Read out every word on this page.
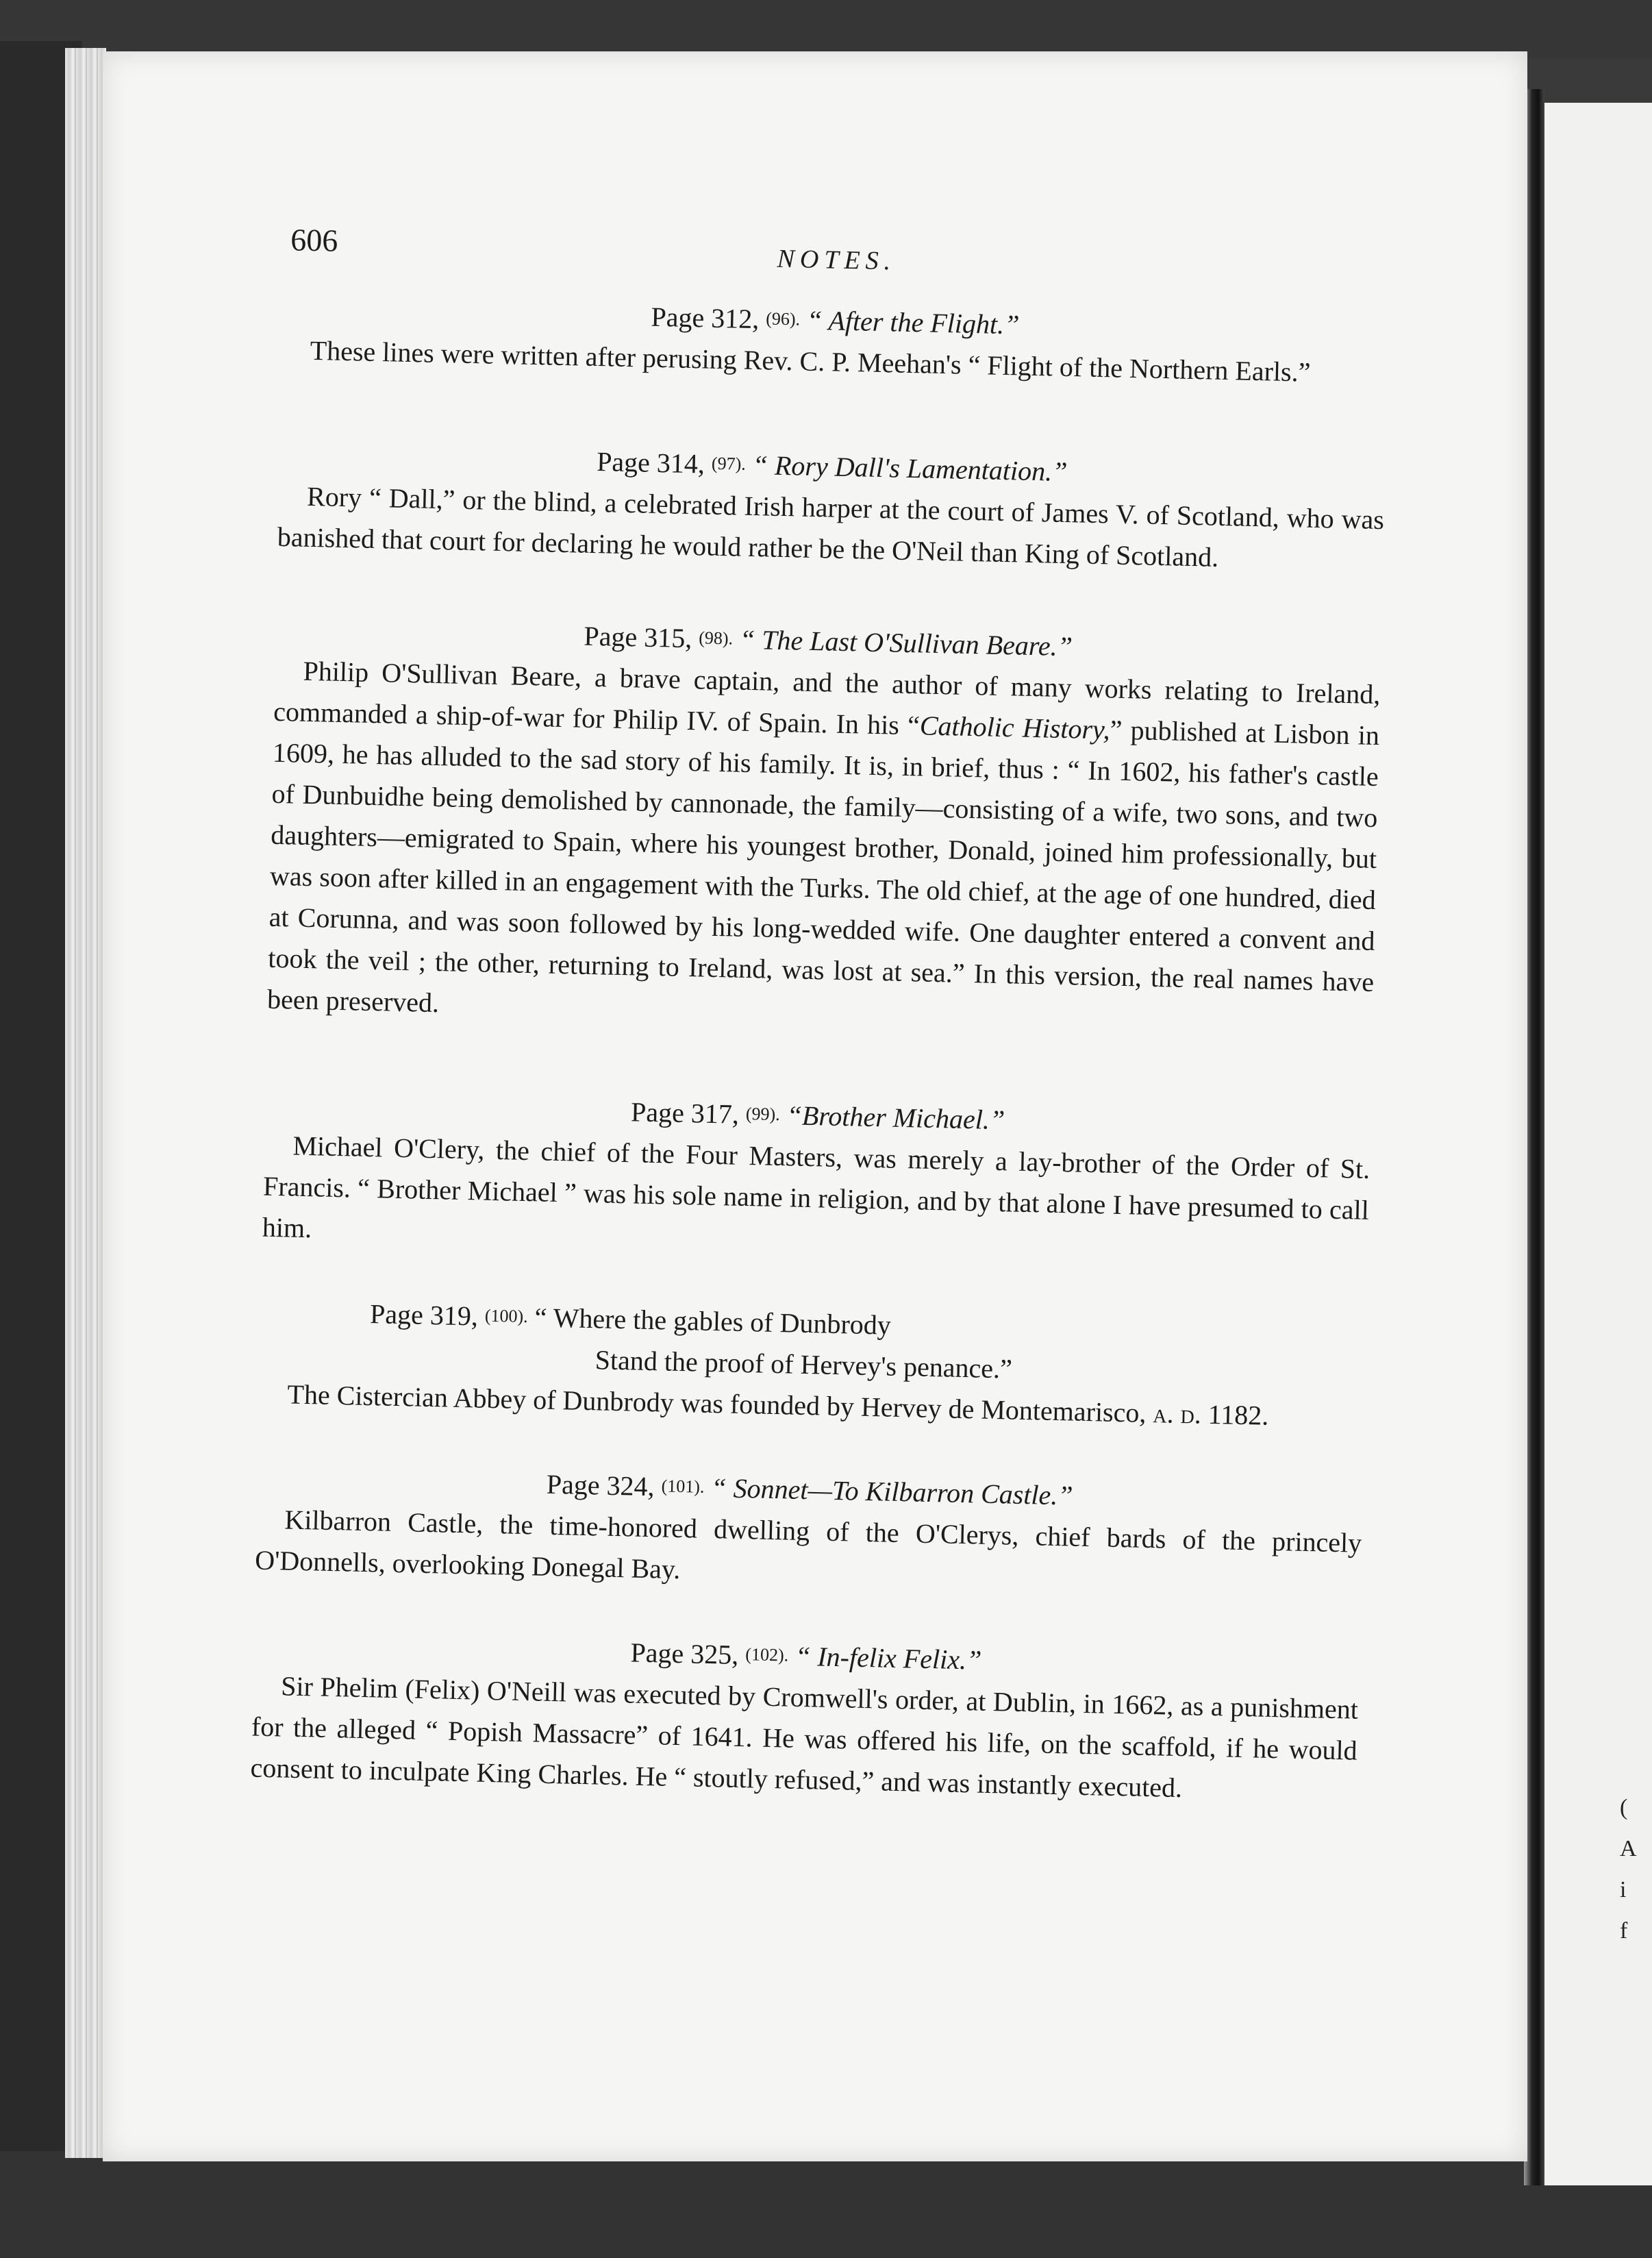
(
A
i
f
606
NOTES.

Page 312, (96). “ After the Flight.”

These lines were written after perusing Rev. C. P. Meehan's “ Flight of the Northern Earls.”

Page 314, (97). “ Rory Dall's Lamentation.”

Rory “ Dall,” or the blind, a celebrated Irish harper at the court of James V. of Scotland, who was banished that court for declaring he would rather be the O'Neil than King of Scotland.

Page 315, (98). “ The Last O'Sullivan Beare.”

Philip O'Sullivan Beare, a brave captain, and the author of many works relating to Ireland, commanded a ship-of-war for Philip IV. of Spain. In his “Catholic History,” published at Lisbon in 1609, he has alluded to the sad story of his family. It is, in brief, thus : “ In 1602, his father's castle of Dunbuidhe being demolished by cannonade, the family—consisting of a wife, two sons, and two daughters—emigrated to Spain, where his youngest brother, Donald, joined him professionally, but was soon after killed in an engagement with the Turks. The old chief, at the age of one hundred, died at Corunna, and was soon followed by his long-wedded wife. One daughter entered a convent and took the veil ; the other, returning to Ireland, was lost at sea.” In this version, the real names have been preserved.

Page 317, (99). “Brother Michael.”

Michael O'Clery, the chief of the Four Masters, was merely a lay-brother of the Order of St. Francis. “ Brother Michael ” was his sole name in religion, and by that alone I have presumed to call him.

Page 319, (100). “ Where the gables of Dunbrody
Stand the proof of Hervey's penance.”

The Cistercian Abbey of Dunbrody was founded by Hervey de Montemarisco, a. d. 1182.

Page 324, (101). “ Sonnet—To Kilbarron Castle.”

Kilbarron Castle, the time-honored dwelling of the O'Clerys, chief bards of the princely O'Donnells, overlooking Donegal Bay.

Page 325, (102). “ In-felix Felix.”

Sir Phelim (Felix) O'Neill was executed by Cromwell's order, at Dublin, in 1662, as a punishment for the alleged “ Popish Massacre” of 1641. He was offered his life, on the scaffold, if he would consent to inculpate King Charles. He “ stoutly refused,” and was instantly executed.
